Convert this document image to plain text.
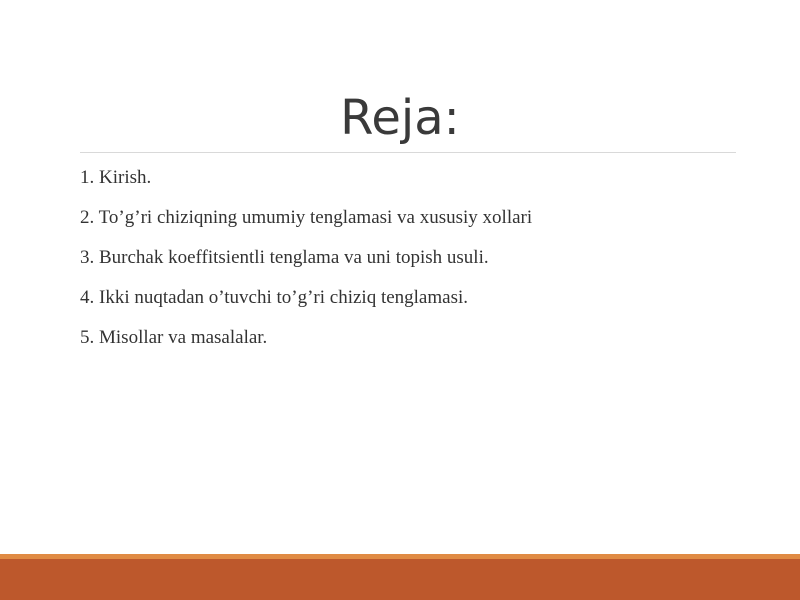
Reja:
1. Kirish.
2. To’g’ri chiziqning umumiy tenglamasi va xususiy xollari
3. Burchak koeffitsientli tenglama va uni topish usuli.
4. Ikki nuqtadan o’tuvchi to’g’ri chiziq tenglamasi.
5. Misollar va masalalar.
